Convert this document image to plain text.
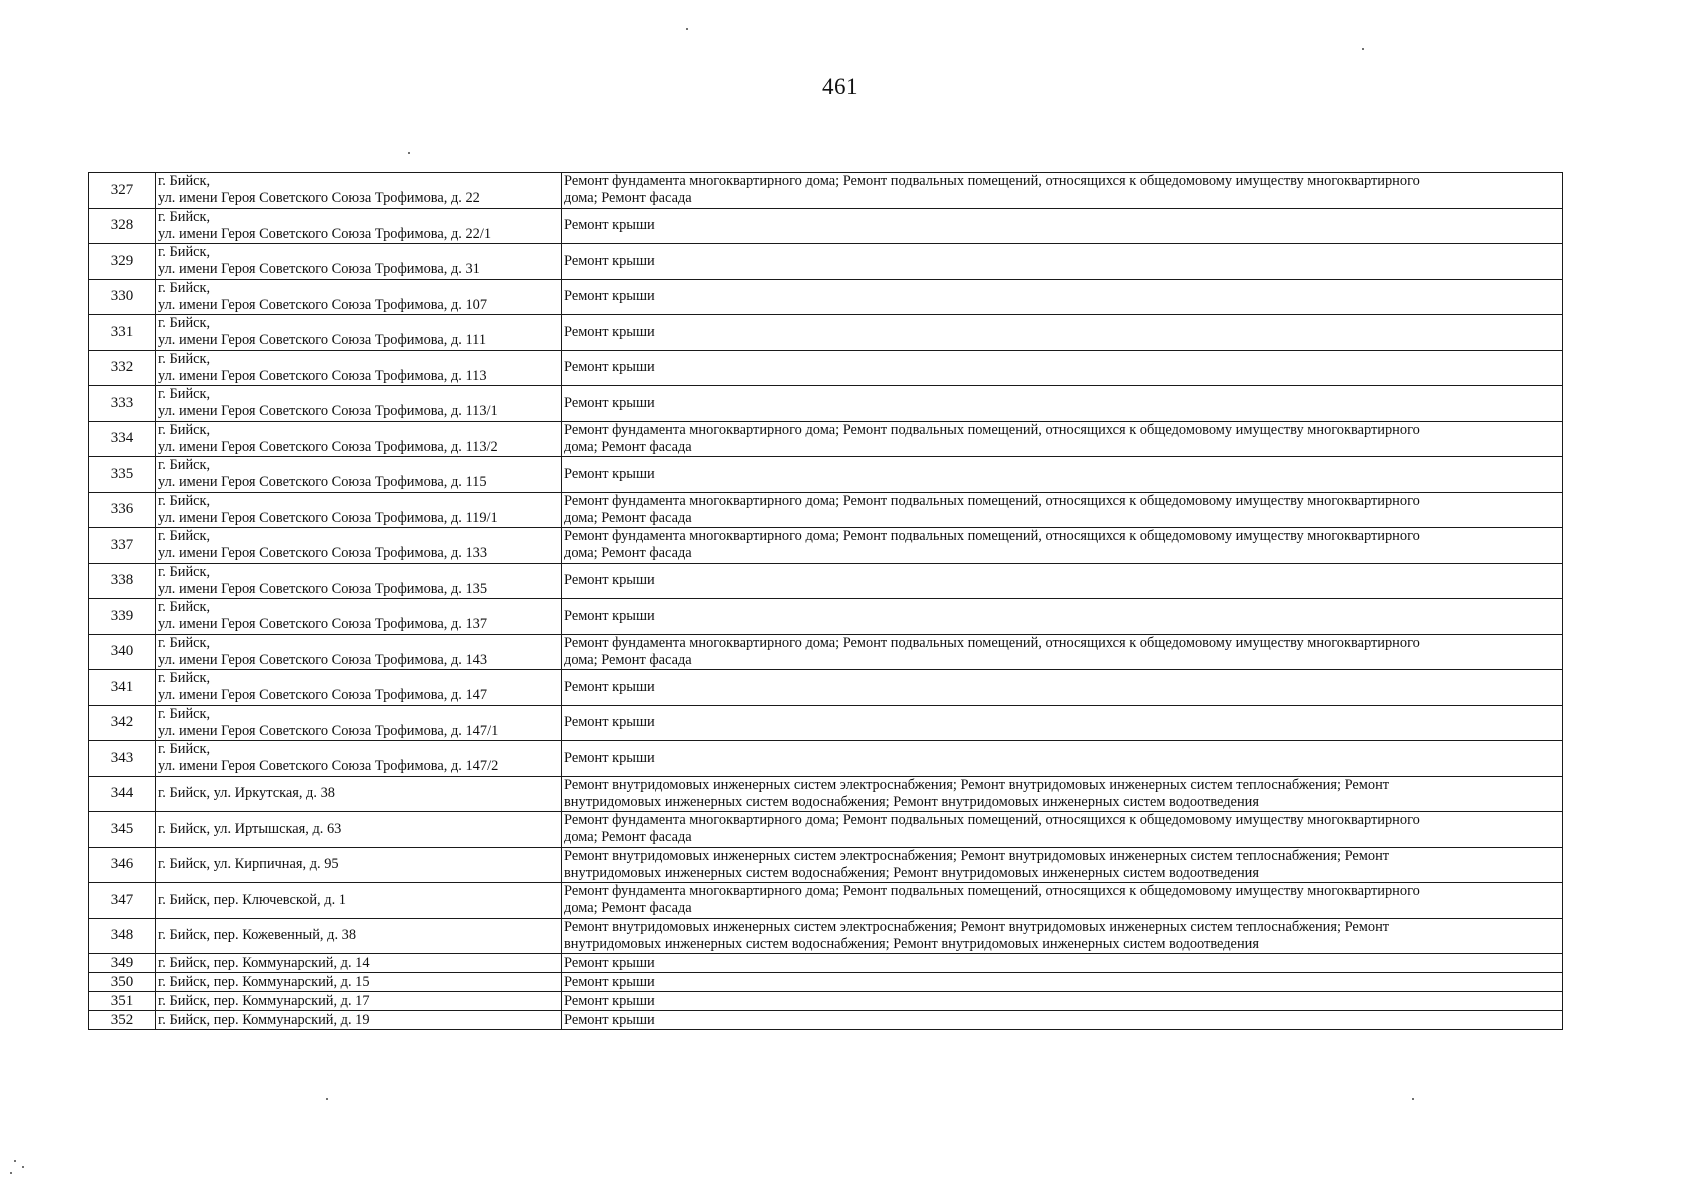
461
327	г. Бийск,
ул. имени Героя Советского Союза Трофимова, д. 22	Ремонт фундамента многоквартирного дома; Ремонт подвальных помещений, относящихся к общедомовому имуществу многоквартирного
дома; Ремонт фасада

328	г. Бийск,
ул. имени Героя Советского Союза Трофимова, д. 22/1	Ремонт крыши

329	г. Бийск,
ул. имени Героя Советского Союза Трофимова, д. 31	Ремонт крыши

330	г. Бийск,
ул. имени Героя Советского Союза Трофимова, д. 107	Ремонт крыши

331	г. Бийск,
ул. имени Героя Советского Союза Трофимова, д. 111	Ремонт крыши

332	г. Бийск,
ул. имени Героя Советского Союза Трофимова, д. 113	Ремонт крыши

333	г. Бийск,
ул. имени Героя Советского Союза Трофимова, д. 113/1	Ремонт крыши

334	г. Бийск,
ул. имени Героя Советского Союза Трофимова, д. 113/2	Ремонт фундамента многоквартирного дома; Ремонт подвальных помещений, относящихся к общедомовому имуществу многоквартирного
дома; Ремонт фасада

335	г. Бийск,
ул. имени Героя Советского Союза Трофимова, д. 115	Ремонт крыши

336	г. Бийск,
ул. имени Героя Советского Союза Трофимова, д. 119/1	Ремонт фундамента многоквартирного дома; Ремонт подвальных помещений, относящихся к общедомовому имуществу многоквартирного
дома; Ремонт фасада

337	г. Бийск,
ул. имени Героя Советского Союза Трофимова, д. 133	Ремонт фундамента многоквартирного дома; Ремонт подвальных помещений, относящихся к общедомовому имуществу многоквартирного
дома; Ремонт фасада

338	г. Бийск,
ул. имени Героя Советского Союза Трофимова, д. 135	Ремонт крыши

339	г. Бийск,
ул. имени Героя Советского Союза Трофимова, д. 137	Ремонт крыши

340	г. Бийск,
ул. имени Героя Советского Союза Трофимова, д. 143	Ремонт фундамента многоквартирного дома; Ремонт подвальных помещений, относящихся к общедомовому имуществу многоквартирного
дома; Ремонт фасада

341	г. Бийск,
ул. имени Героя Советского Союза Трофимова, д. 147	Ремонт крыши

342	г. Бийск,
ул. имени Героя Советского Союза Трофимова, д. 147/1	Ремонт крыши

343	г. Бийск,
ул. имени Героя Советского Союза Трофимова, д. 147/2	Ремонт крыши

344	г. Бийск, ул. Иркутская, д. 38	Ремонт внутридомовых инженерных систем электроснабжения; Ремонт внутридомовых инженерных систем теплоснабжения; Ремонт
внутридомовых инженерных систем водоснабжения; Ремонт внутридомовых инженерных систем водоотведения

345	г. Бийск, ул. Иртышская, д. 63	Ремонт фундамента многоквартирного дома; Ремонт подвальных помещений, относящихся к общедомовому имуществу многоквартирного
дома; Ремонт фасада

346	г. Бийск, ул. Кирпичная, д. 95	Ремонт внутридомовых инженерных систем электроснабжения; Ремонт внутридомовых инженерных систем теплоснабжения; Ремонт
внутридомовых инженерных систем водоснабжения; Ремонт внутридомовых инженерных систем водоотведения

347	г. Бийск, пер. Ключевской, д. 1	Ремонт фундамента многоквартирного дома; Ремонт подвальных помещений, относящихся к общедомовому имуществу многоквартирного
дома; Ремонт фасада

348	г. Бийск, пер. Кожевенный, д. 38	Ремонт внутридомовых инженерных систем электроснабжения; Ремонт внутридомовых инженерных систем теплоснабжения; Ремонт
внутридомовых инженерных систем водоснабжения; Ремонт внутридомовых инженерных систем водоотведения

349	г. Бийск, пер. Коммунарский, д. 14	Ремонт крыши

350	г. Бийск, пер. Коммунарский, д. 15	Ремонт крыши

351	г. Бийск, пер. Коммунарский, д. 17	Ремонт крыши

352	г. Бийск, пер. Коммунарский, д. 19	Ремонт крыши
